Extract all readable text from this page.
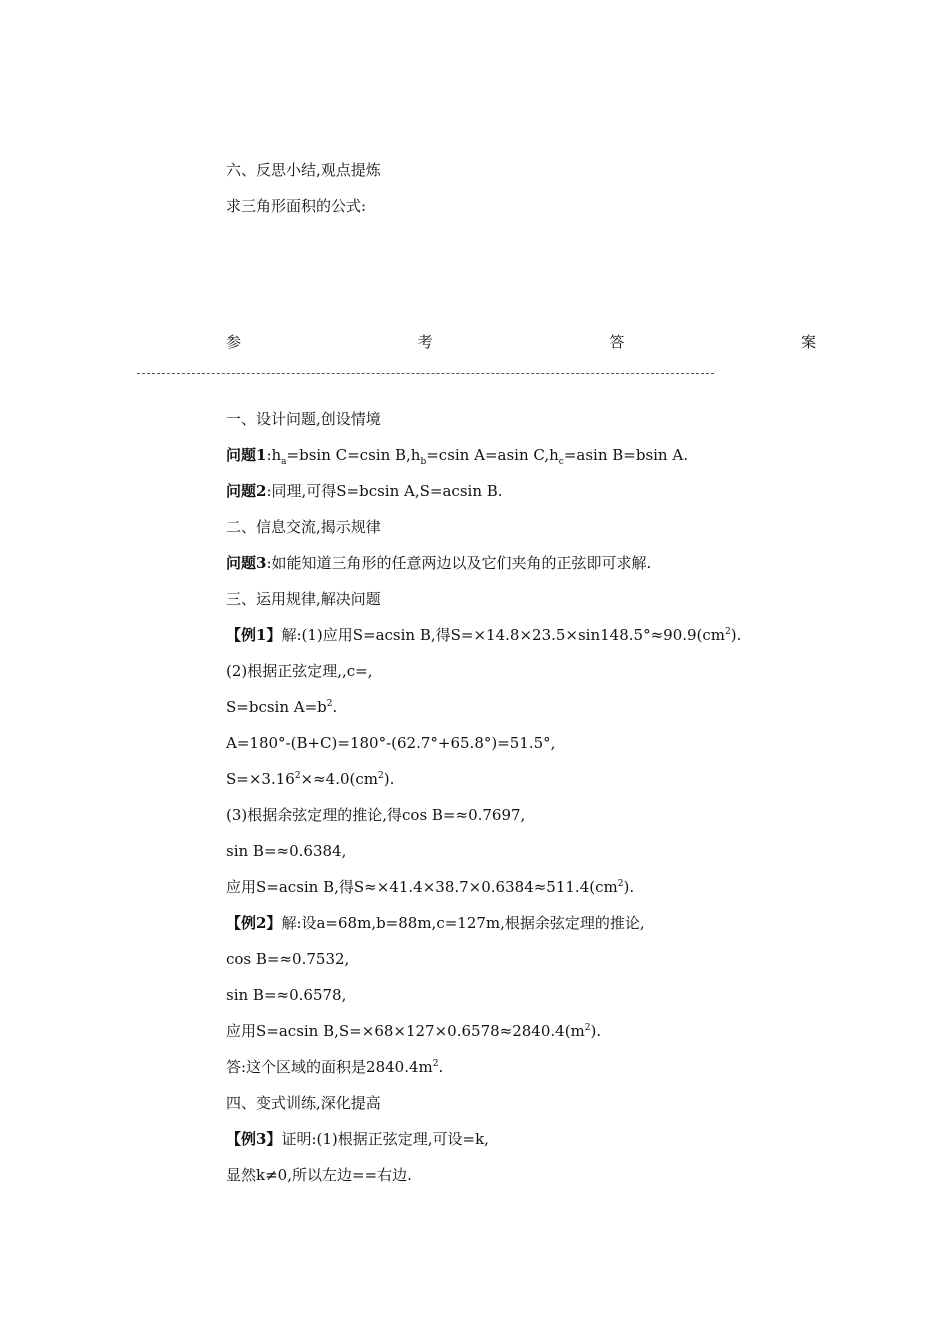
六、反思小结,观点提炼
求三角形面积的公式:
参	考	答	案
一、设计问题,创设情境
问题$1:h_a=bsin$ C=csin $B,h_b=csin$ A=asin $C,h_c=asin$ B=bsin A.
问题2:同理,可得S=bcsin A,S=acsin B.
二、信息交流,揭示规律
问题3:如能知道三角形的任意两边以及它们夹角的正弦即可求解.
三、运用规律,解决问题
【例1】解:(1)应用S=acsin B,得$S=\times 14.8\times 23.5\times\sin 148.5^\circ\approx 90.9(cm^2)$.
(2)根据正弦定理,,c=,
S=bcsin $A=b^2$.
A=180°-(B+C)=180°-(62.7°+65.8°)=51.5°,
$S=\times 3.16^2\times\approx 4.0(cm^2)$.
(3)根据余弦定理的推论,得cos B=≈0.7697,
sin B=≈0.6384,
应用S=acsin B,得$S\approx\times 41.4\times 38.7\times 0.6384\approx 511.4(cm^2)$.
【例2】解:设a=68m,b=88m,c=127m,根据余弦定理的推论,
cos B=≈0.7532,
sin B=≈0.6578,
应用S=acsin $B,S=\times 68\times 127\times 0.6578\approx 2840.4(m^2)$.
答:这个区域的面积是$2840.4m^2$.
四、变式训练,深化提高
【例3】证明:(1)根据正弦定理,可设=k,
显然k≠0,所以左边==右边.
